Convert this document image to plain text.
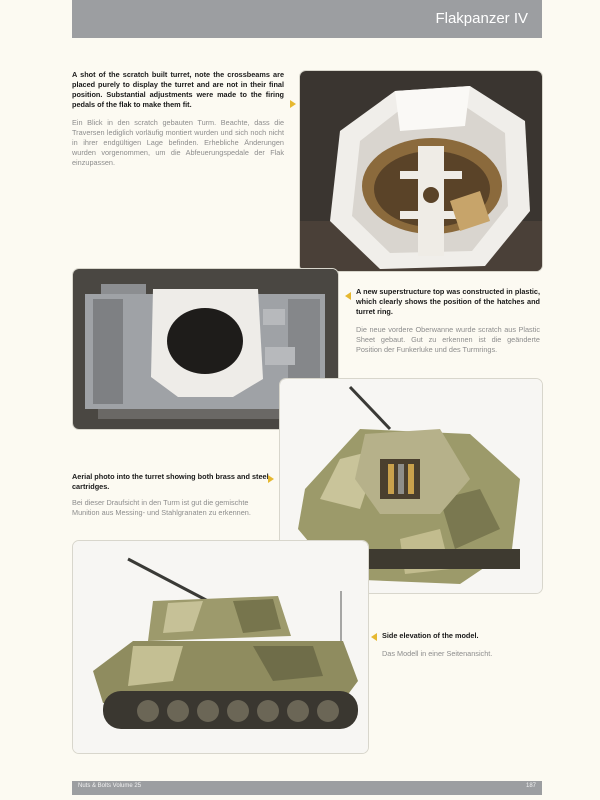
Flakpanzer IV

A shot of the scratch built turret, note the crossbeams are placed purely to display the turret and are not in their final position. Substantial adjustments were made to the firing pedals of the flak to make them fit.

Ein Blick in den scratch gebauten Turm. Beachte, dass die Traversen lediglich vorläufig montiert wurden und sich noch nicht in ihrer endgültigen Lage befinden. Erhebliche Änderungen wurden vorgenommen, um die Abfeuerungspedale der Flak einzupassen.

A new superstructure top was constructed in plastic, which clearly shows the position of the hatches and turret ring.

Die neue vordere Oberwanne wurde scratch aus Plastic Sheet gebaut. Gut zu erkennen ist die geänderte Position der Funkerluke und des Turmrings.

Aerial photo into the turret showing both brass and steel cartridges.

Bei dieser Draufsicht in den Turm ist gut die gemischte Munition aus Messing- und Stahlgranaten zu erkennen.

Side elevation of the model.

Das Modell in einer Seitenansicht.

Nuts & Bolts Volume 25	187
